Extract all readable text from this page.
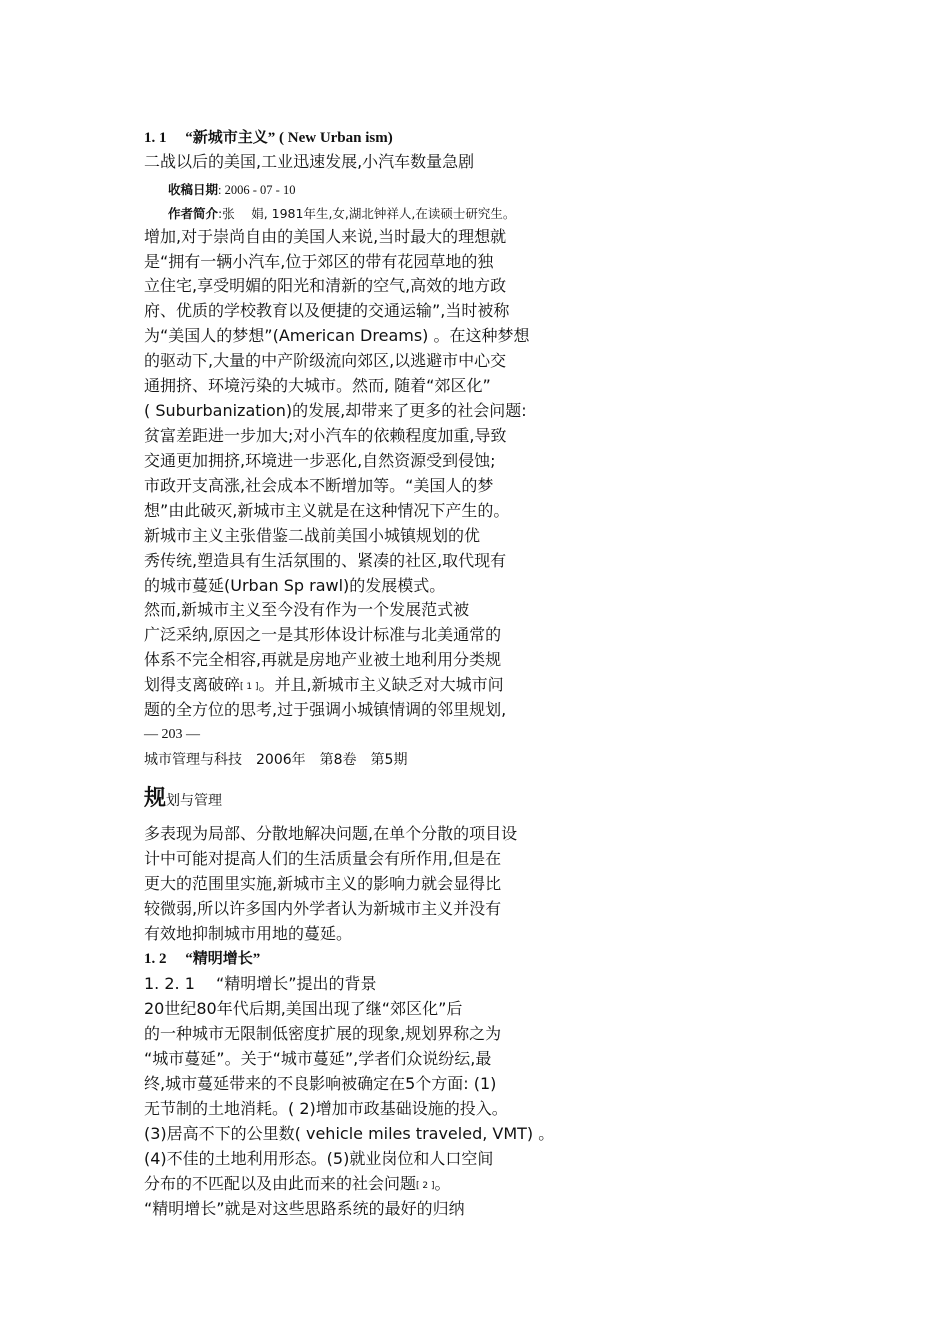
1. 1　 “新城市主义” ( New Urban ism)
二战以后的美国,工业迅速发展,小汽车数量急剧
收稿日期: 2006 - 07 - 10
作者简介:张　 娟, 1981年生,女,湖北钟祥人,在读硕士研究生。
增加,对于崇尚自由的美国人来说,当时最大的理想就
是“拥有一辆小汽车,位于郊区的带有花园草地的独
立住宅,享受明媚的阳光和清新的空气,高效的地方政
府、优质的学校教育以及便捷的交通运输”,当时被称
为“美国人的梦想”(American Dreams) 。在这种梦想
的驱动下,大量的中产阶级流向郊区,以逃避市中心交
通拥挤、环境污染的大城市。然而, 随着“郊区化”
( Suburbanization)的发展,却带来了更多的社会问题:
贫富差距进一步加大;对小汽车的依赖程度加重,导致
交通更加拥挤,环境进一步恶化,自然资源受到侵蚀;
市政开支高涨,社会成本不断增加等。“美国人的梦
想”由此破灭,新城市主义就是在这种情况下产生的。
新城市主义主张借鉴二战前美国小城镇规划的优
秀传统,塑造具有生活氛围的、紧凑的社区,取代现有
的城市蔓延(Urban Sp rawl)的发展模式。
然而,新城市主义至今没有作为一个发展范式被
广泛采纳,原因之一是其形体设计标准与北美通常的
体系不完全相容,再就是房地产业被土地利用分类规
划得支离破碎[ 1 ]。并且,新城市主义缺乏对大城市问
题的全方位的思考,过于强调小城镇情调的邻里规划,
— 203 —
城市管理与科技　2006年　第8卷　第5期
规划与管理
多表现为局部、分散地解决问题,在单个分散的项目设
计中可能对提高人们的生活质量会有所作用,但是在
更大的范围里实施,新城市主义的影响力就会显得比
较微弱,所以许多国内外学者认为新城市主义并没有
有效地抑制城市用地的蔓延。
1. 2　 “精明增长”
1. 2. 1　 “精明增长”提出的背景
20世纪80年代后期,美国出现了继“郊区化”后
的一种城市无限制低密度扩展的现象,规划界称之为
“城市蔓延”。关于“城市蔓延”,学者们众说纷纭,最
终,城市蔓延带来的不良影响被确定在5个方面: (1)
无节制的土地消耗。( 2)增加市政基础设施的投入。
(3)居高不下的公里数( vehicle miles traveled, VMT) 。
(4)不佳的土地利用形态。(5)就业岗位和人口空间
分布的不匹配以及由此而来的社会问题[ 2 ]。
“精明增长”就是对这些思路系统的最好的归纳
